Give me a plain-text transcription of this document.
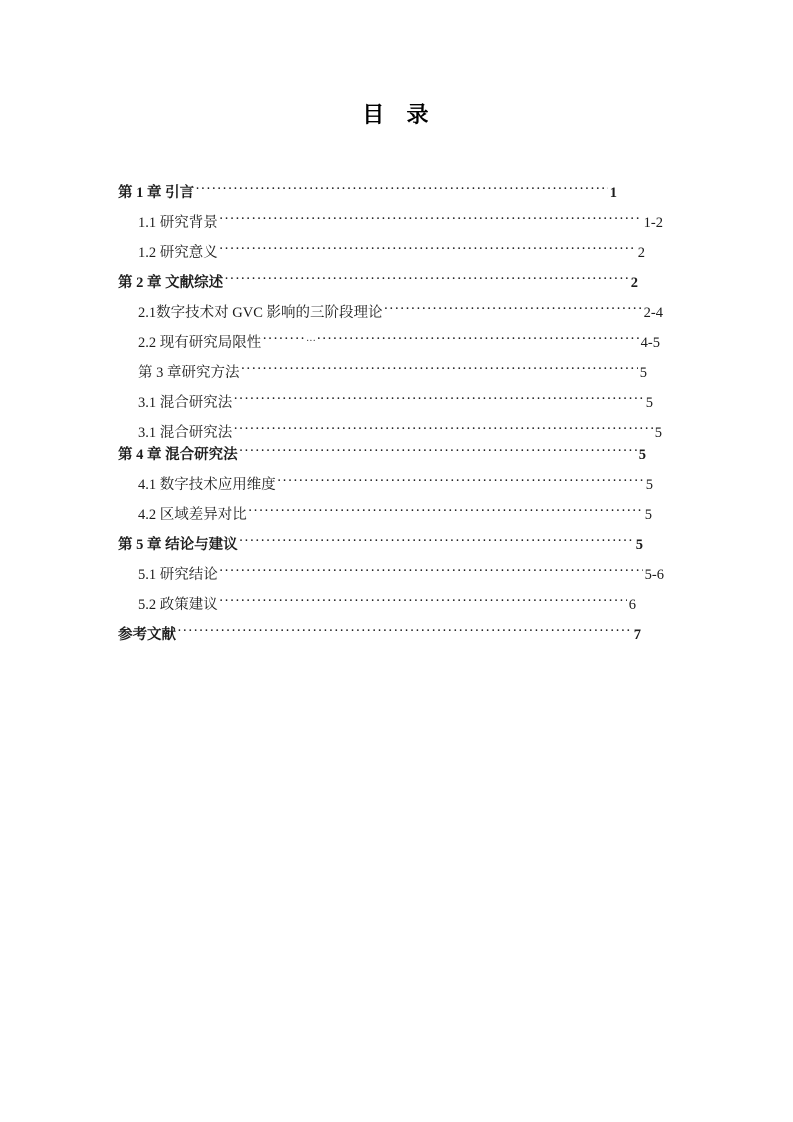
目 录
第 1 章 引言 ·····	1
1.1 研究背景 ·····	1-2
1.2 研究意义 ·····	2
第 2 章 文献综述 ·····	2
2.1数字技术对 GVC 影响的三阶段理论 ·····	2-4
2.2 现有研究局限性 ····· ...	4-5
第 3 章研究方法 ·····	5
3.1 混合研究法 ·····	5
3.1 混合研究法 ·····	5
第 4 章 混合研究法 ·····	5
4.1 数字技术应用维度 ·····	5
4.2 区域差异对比 ·····	5
第 5 章 结论与建议 ·····	5
5.1 研究结论 ·····	5-6
5.2 政策建议 ·····	6
参考文献 ·····	7
